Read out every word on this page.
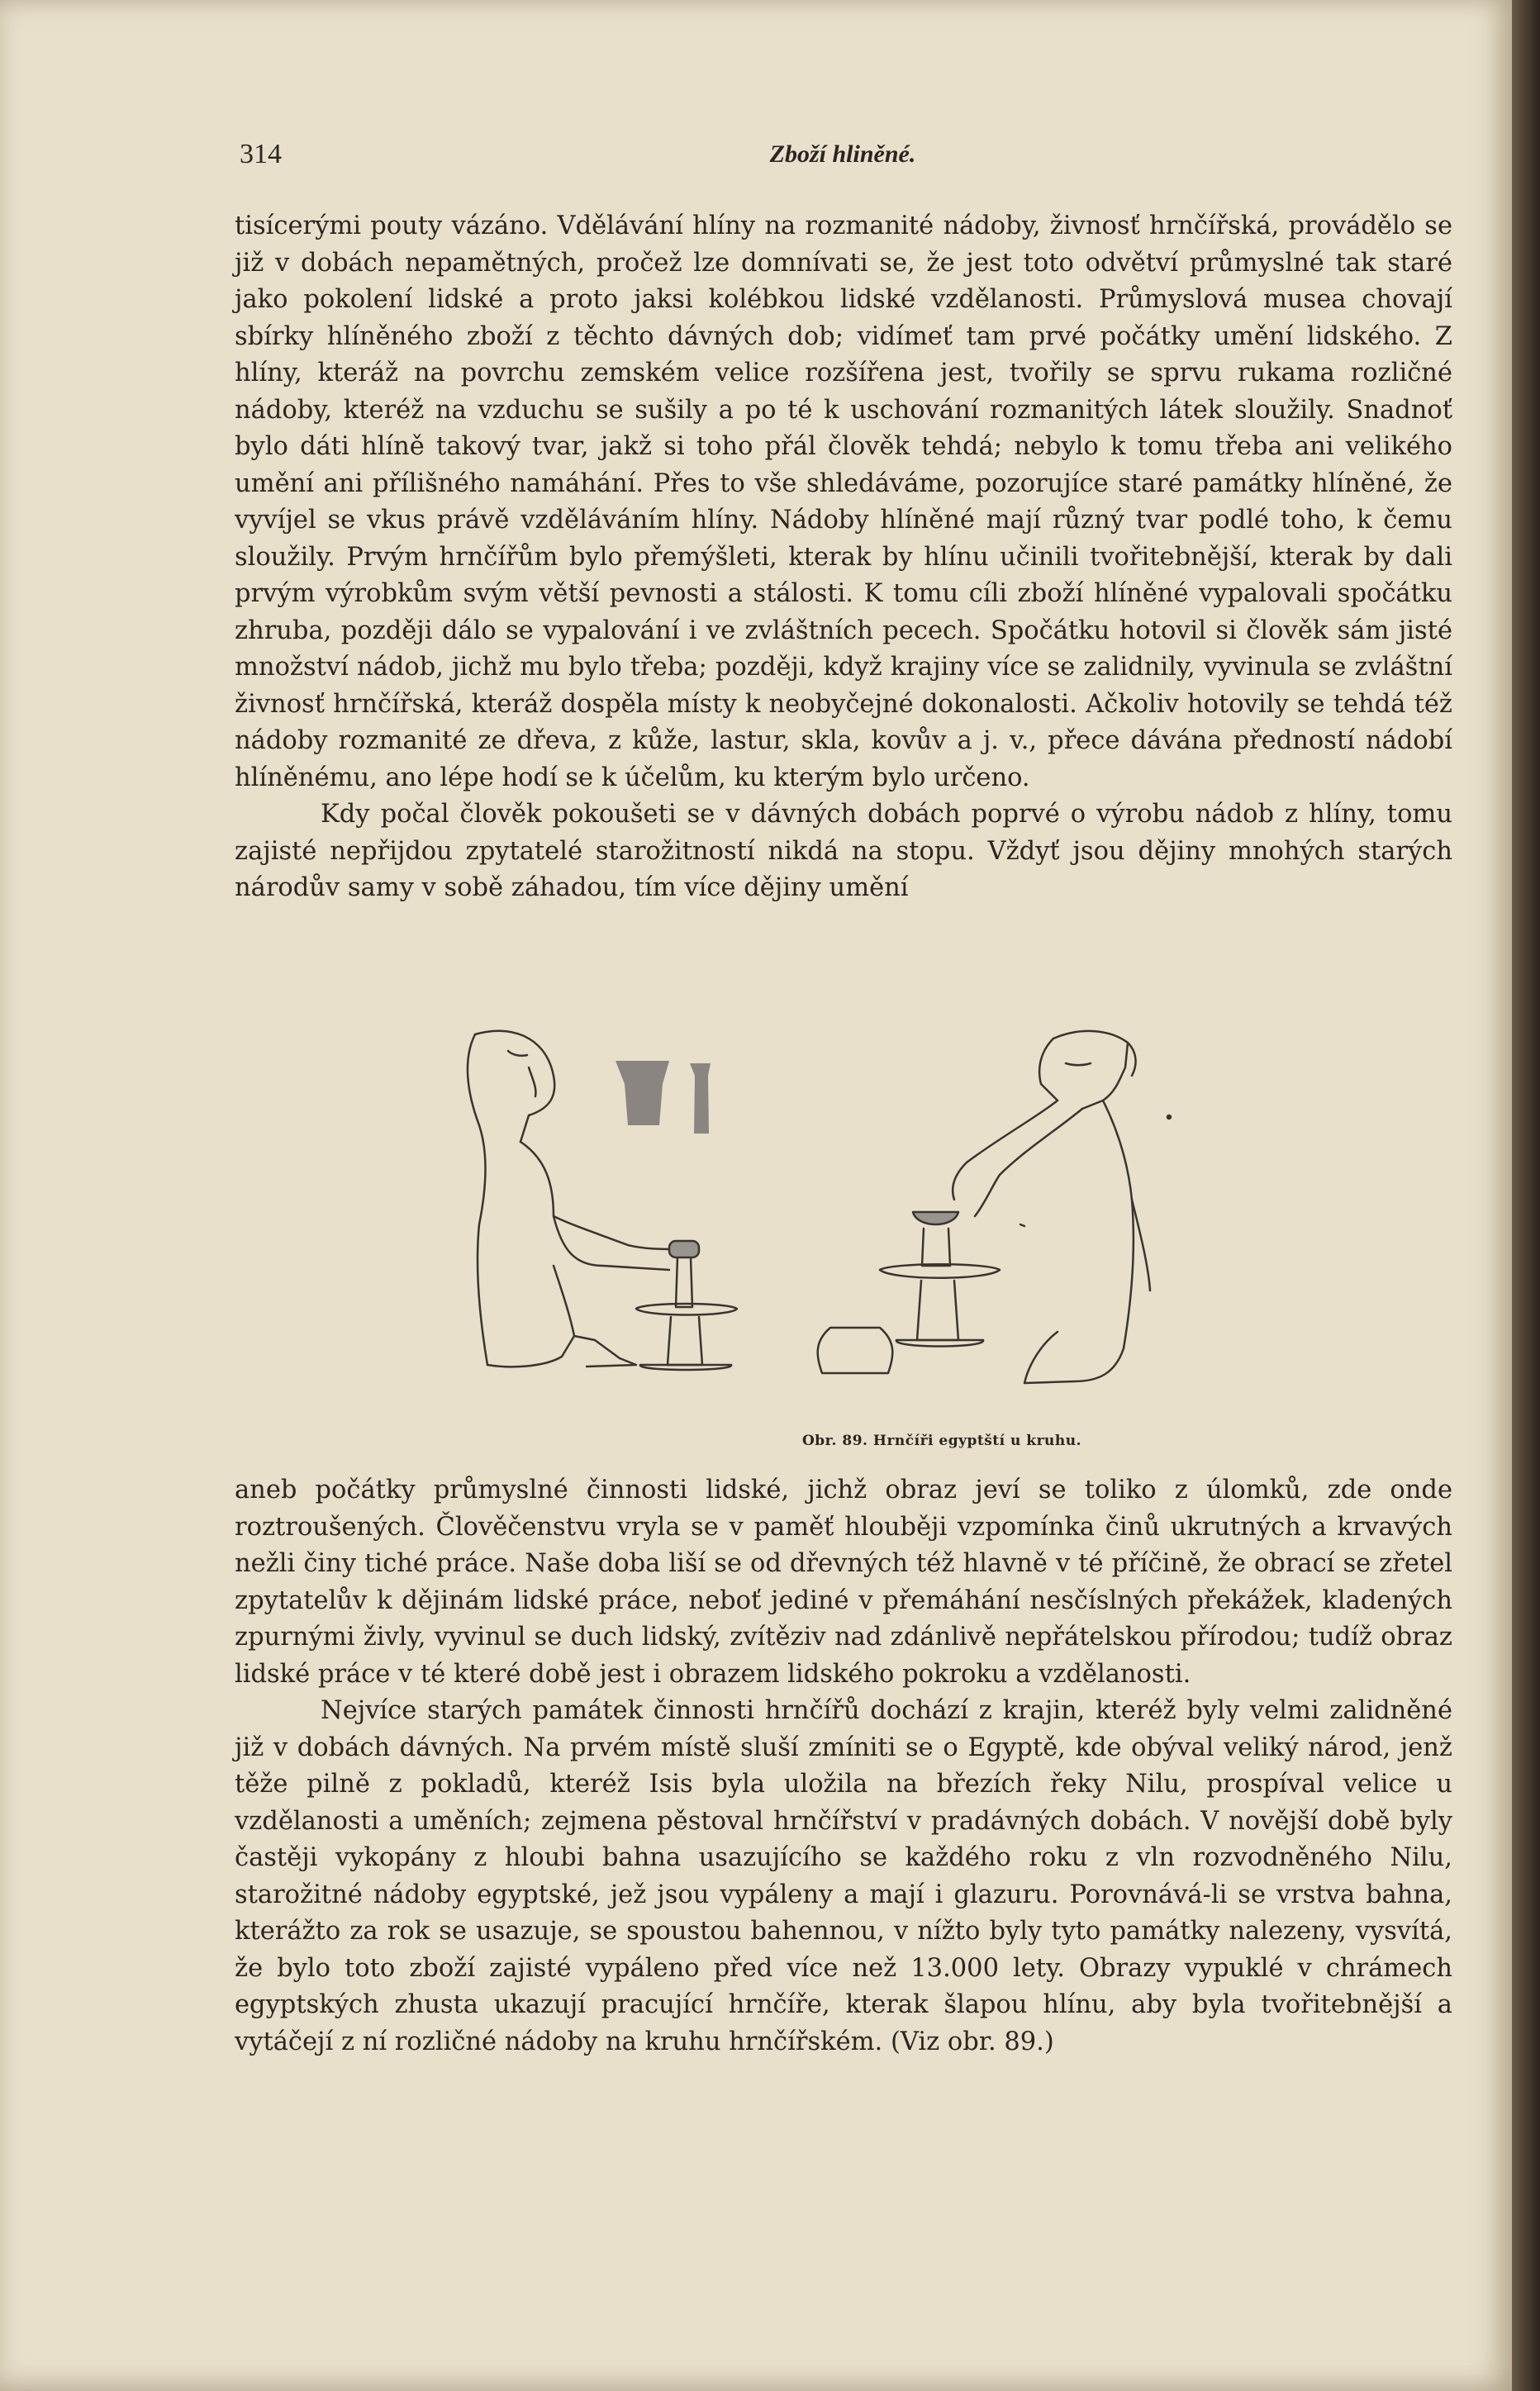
314	Zboží hliněné.

tisícerými pouty vázáno. Vdělávání hlíny na rozmanité nádoby, živnosť hrnčířská, provádělo se již v dobách nepamětných, pročež lze domnívati se, že jest toto odvětví průmyslné tak staré jako pokolení lidské a proto jaksi kolébkou lidské vzdělanosti. Průmyslová musea chovají sbírky hlíněného zboží z těchto dávných dob; vidímeť tam prvé počátky umění lidského. Z hlíny, kteráž na povrchu zemském velice rozšířena jest, tvořily se sprvu rukama rozličné nádoby, kteréž na vzduchu se sušily a po té k uschování rozmanitých látek sloužily. Snadnoť bylo dáti hlíně takový tvar, jakž si toho přál člověk tehdá; nebylo k tomu třeba ani velikého umění ani přílišného namáhání. Přes to vše shledáváme, pozorujíce staré památky hlíněné, že vyvíjel se vkus právě vzděláváním hlíny. Nádoby hlíněné mají různý tvar podlé toho, k čemu sloužily. Prvým hrnčířům bylo přemýšleti, kterak by hlínu učinili tvořitebnější, kterak by dali prvým výrobkům svým větší pevnosti a stálosti. K tomu cíli zboží hlíněné vypalovali spočátku zhruba, později dálo se vypalování i ve zvláštních pecech. Spočátku hotovil si člověk sám jisté množství nádob, jichž mu bylo třeba; později, když krajiny více se zalidnily, vyvinula se zvláštní živnosť hrnčířská, kteráž dospěla místy k neobyčejné dokonalosti. Ačkoliv hotovily se tehdá též nádoby rozmanité ze dřeva, z kůže, lastur, skla, kovův a j. v., přece dávána předností nádobí hlíněnému, ano lépe hodí se k účelům, ku kterým bylo určeno.

Kdy počal člověk pokoušeti se v dávných dobách poprvé o výrobu nádob z hlíny, tomu zajisté nepřijdou zpytatelé starožitností nikdá na stopu. Vždyť jsou dějiny mnohých starých národův samy v sobě záhadou, tím více dějiny umění

Obr. 89. Hrnčíři egyptští u kruhu.

aneb počátky průmyslné činnosti lidské, jichž obraz jeví se toliko z úlomků, zde onde roztroušených. Člověčenstvu vryla se v paměť hlouběji vzpomínka činů ukrutných a krvavých nežli činy tiché práce. Naše doba liší se od dřevných též hlavně v té příčině, že obrací se zřetel zpytatelův k dějinám lidské práce, neboť jediné v přemáhání nesčíslných překážek, kladených zpurnými živly, vyvinul se duch lidský, zvítěziv nad zdánlivě nepřátelskou přírodou; tudíž obraz lidské práce v té které době jest i obrazem lidského pokroku a vzdělanosti.

Nejvíce starých památek činnosti hrnčířů dochází z krajin, kteréž byly velmi zalidněné již v dobách dávných. Na prvém místě sluší zmíniti se o Egyptě, kde obýval veliký národ, jenž těže pilně z pokladů, kteréž Isis byla uložila na březích řeky Nilu, prospíval velice u vzdělanosti a uměních; zejmena pěstoval hrnčířství v pradávných dobách. V novější době byly častěji vykopány z hloubi bahna usazujícího se každého roku z vln rozvodněného Nilu, starožitné nádoby egyptské, jež jsou vypáleny a mají i glazuru. Porovnává-li se vrstva bahna, kterážto za rok se usazuje, se spoustou bahennou, v nížto byly tyto památky nalezeny, vysvítá, že bylo toto zboží zajisté vypáleno před více než 13.000 lety. Obrazy vypuklé v chrámech egyptských zhusta ukazují pracující hrnčíře, kterak šlapou hlínu, aby byla tvořitebnější a vytáčejí z ní rozličné nádoby na kruhu hrnčířském. (Viz obr. 89.)
